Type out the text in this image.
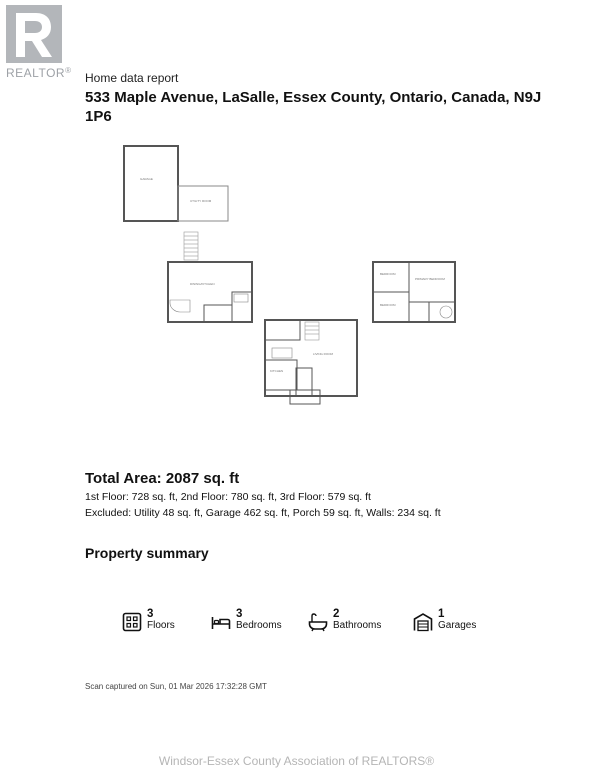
REALTOR®
Home data report
533 Maple Avenue, LaSalle, Essex County, Ontario, Canada, N9J 1P6
GARAGE
UTILITY ROOM
DINING/KITCHEN
LIVING ROOM
KITCHEN
BEDROOM
BEDROOM
PRIMARY BEDROOM
Total Area: 2087 sq. ft
1st Floor: 728 sq. ft, 2nd Floor: 780 sq. ft, 3rd Floor: 579 sq. ft
Excluded: Utility 48 sq. ft, Garage 462 sq. ft, Porch 59 sq. ft, Walls: 234 sq. ft
Property summary
3
Floors
3
Bedrooms
2
Bathrooms
1
Garages
Scan captured on Sun, 01 Mar 2026 17:32:28 GMT
Windsor-Essex County Association of REALTORS®
